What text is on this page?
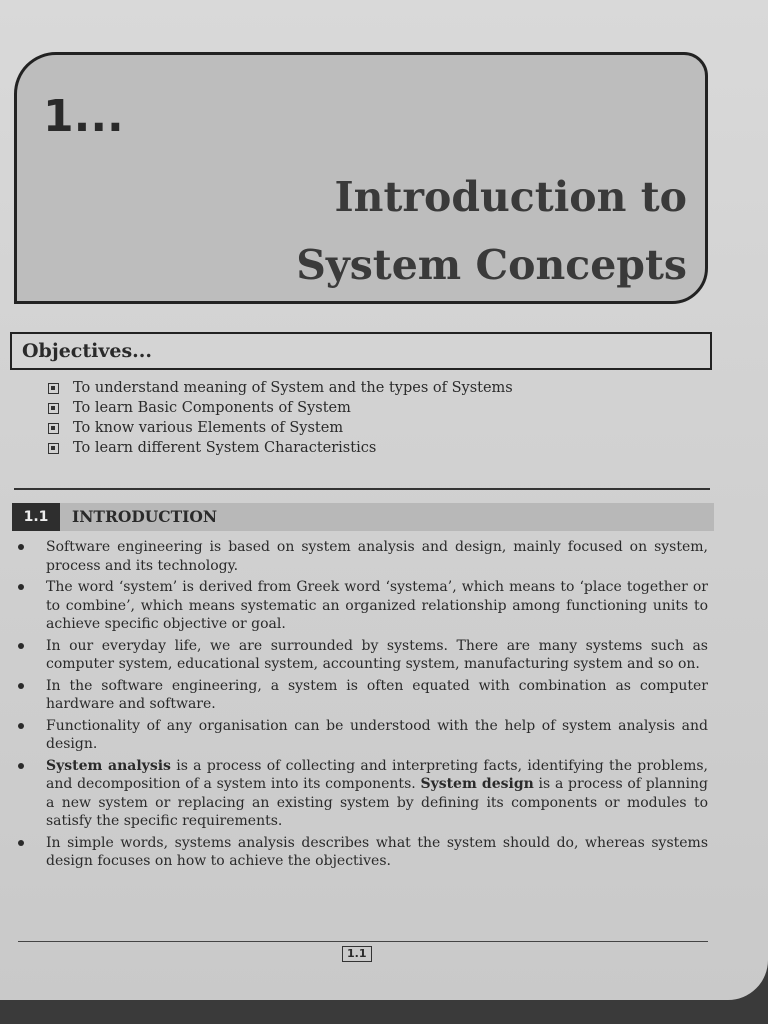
1...
Introduction to
System Concepts
Objectives...
To understand meaning of System and the types of Systems
To learn Basic Components of System
To know various Elements of System
To learn different System Characteristics
1.1	INTRODUCTION
Software engineering is based on system analysis and design, mainly focused on system, process and its technology.
The word ‘system’ is derived from Greek word ‘systema’, which means to ‘place together or to combine’, which means systematic an organized relationship among functioning units to achieve specific objective or goal.
In our everyday life, we are surrounded by systems. There are many systems such as computer system, educational system, accounting system, manufacturing system and so on.
In the software engineering, a system is often equated with combination as computer hardware and software.
Functionality of any organisation can be understood with the help of system analysis and design.
System analysis is a process of collecting and interpreting facts, identifying the problems, and decomposition of a system into its components. System design is a process of planning a new system or replacing an existing system by defining its components or modules to satisfy the specific requirements.
In simple words, systems analysis describes what the system should do, whereas systems design focuses on how to achieve the objectives.
1.1
